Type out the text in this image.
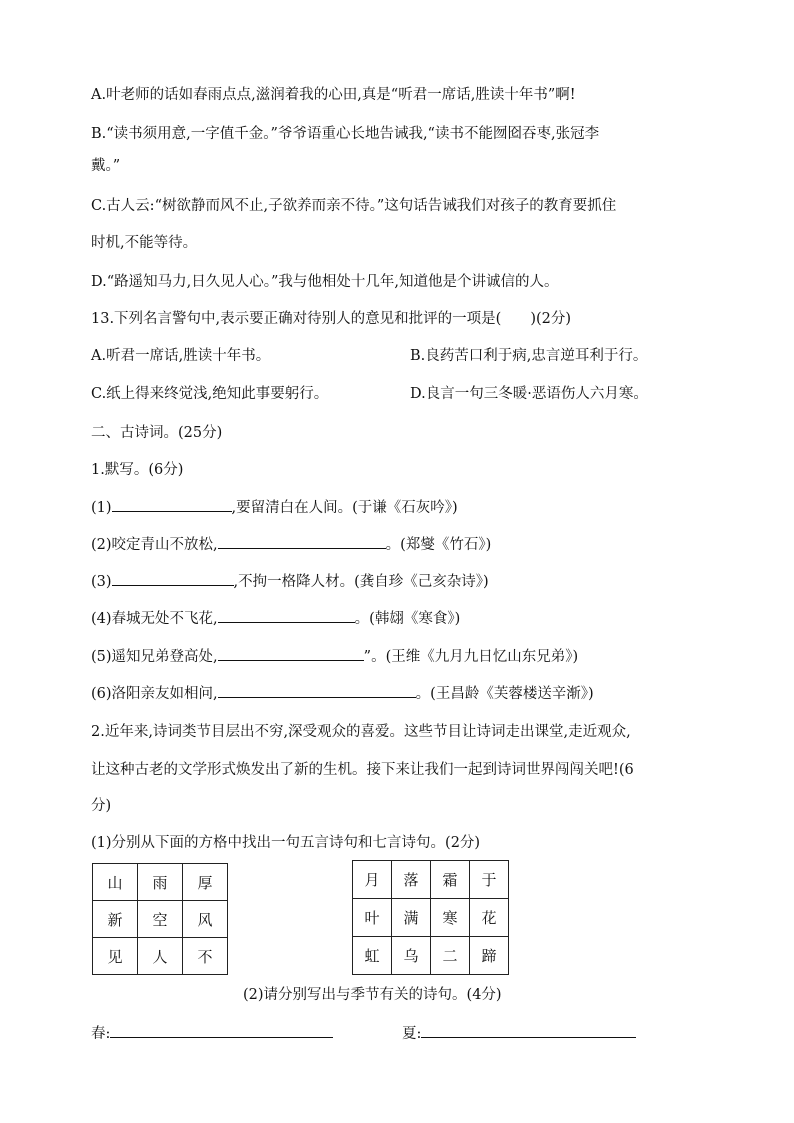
A.叶老师的话如春雨点点,滋润着我的心田,真是“听君一席话,胜读十年书”啊!
B.“读书须用意,一字值千金。”爷爷语重心长地告诫我,“读书不能囫囵吞枣,张冠李
戴。”
C.古人云:“树欲静而风不止,子欲养而亲不待。”这句话告诫我们对孩子的教育要抓住
时机,不能等待。
D.“路遥知马力,日久见人心。”我与他相处十几年,知道他是个讲诚信的人。
13.下列名言警句中,表示要正确对待别人的意见和批评的一项是(　　)(2分)
A.听君一席话,胜读十年书。	B.良药苦口利于病,忠言逆耳利于行。
C.纸上得来终觉浅,绝知此事要躬行。	D.良言一句三冬暖·恶语伤人六月寒。
二、古诗词。(25分)
1.默写。(6分)
(1)	,要留清白在人间。(于谦《石灰吟》)
(2)咬定青山不放松,	。(郑燮《竹石》)
(3)	,不拘一格降人材。(龚自珍《己亥杂诗》)
(4)春城无处不飞花,	。(韩翃《寒食》)
(5)遥知兄弟登高处,	”。(王维《九月九日忆山东兄弟》)
(6)洛阳亲友如相问,	。(王昌龄《芙蓉楼送辛渐》)
2.近年来,诗词类节目层出不穷,深受观众的喜爱。这些节目让诗词走出课堂,走近观众,
让这种古老的文学形式焕发出了新的生机。接下来让我们一起到诗词世界闯闯关吧!(6
分)
(1)分别从下面的方格中找出一句五言诗句和七言诗句。(2分)
山	雨	厚
新	空	风
见	人	不
月	落	霜	于
叶	满	寒	花
虹	乌	二	蹄
(2)请分别写出与季节有关的诗句。(4分)
春:	夏:
